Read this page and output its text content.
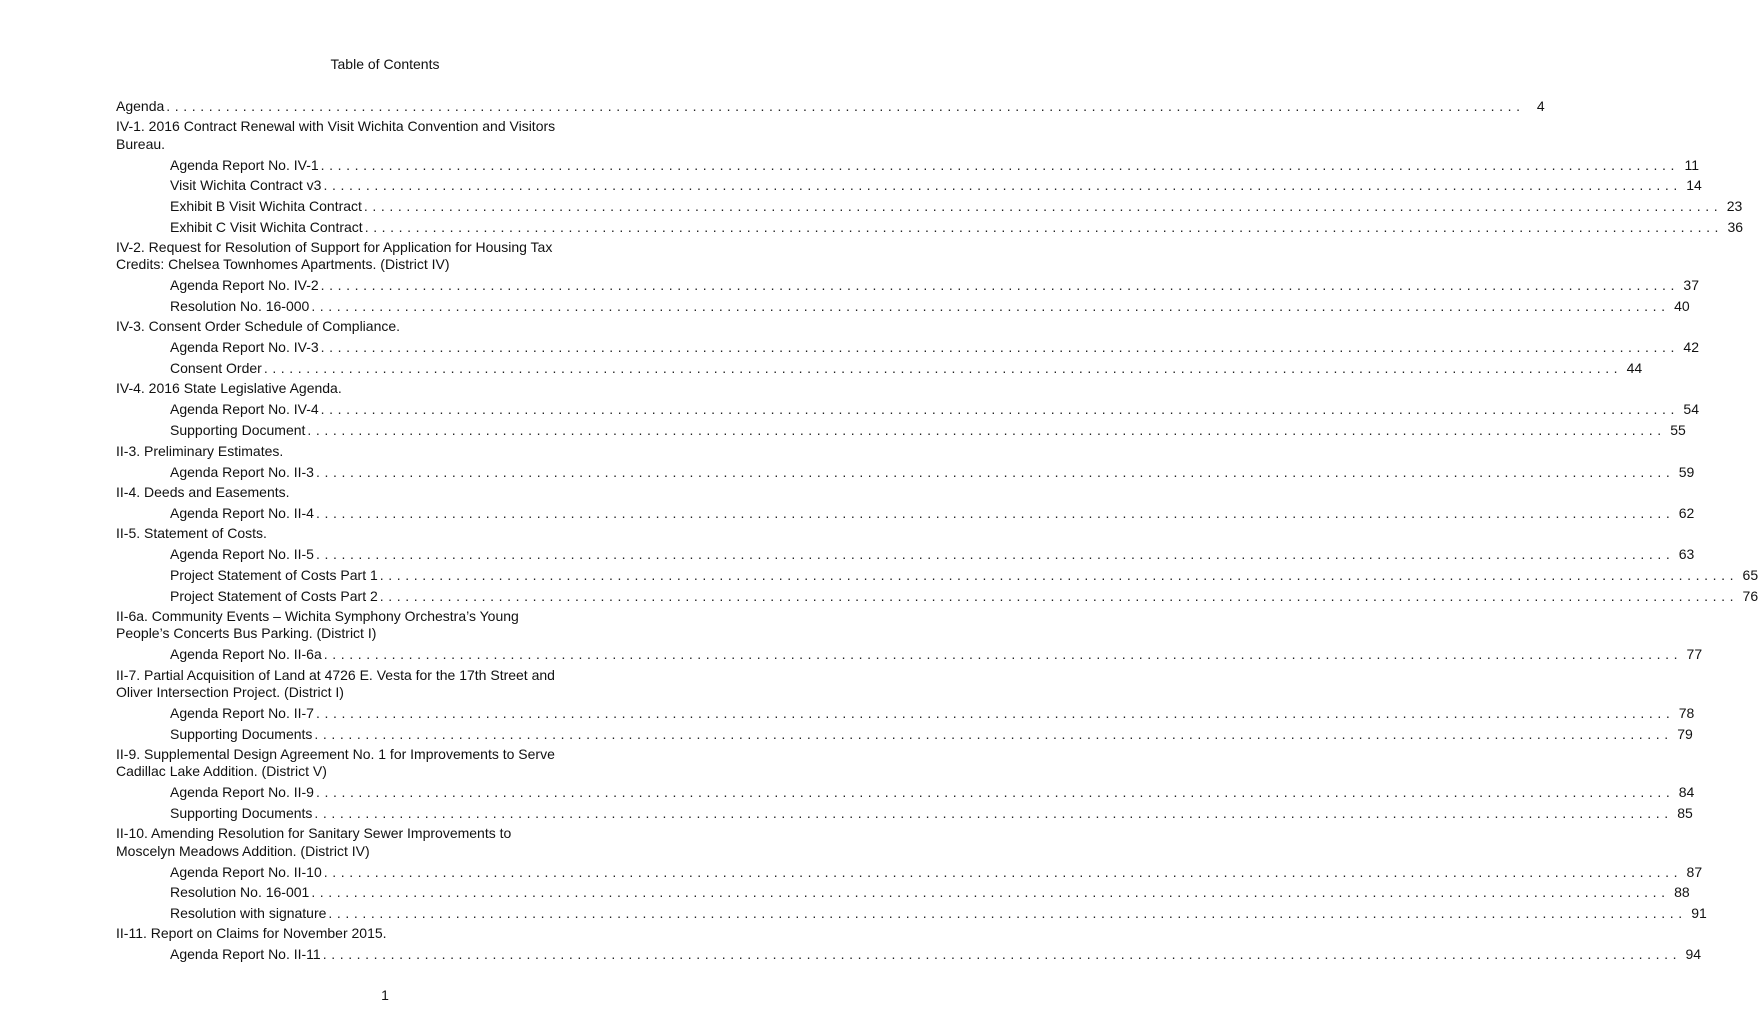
Table of Contents
Agenda ................................................................................................................................................................ 4
IV-1. 2016 Contract Renewal with Visit Wichita Convention and Visitors Bureau.
Agenda Report No. IV-1 ................................................................................................................................................................ 11
Visit Wichita Contract v3 ................................................................................................................................................................ 14
Exhibit B Visit Wichita Contract ................................................................................................................................................................ 23
Exhibit C Visit Wichita Contract ................................................................................................................................................................ 36
IV-2. Request for Resolution of Support for Application for Housing Tax Credits: Chelsea Townhomes Apartments. (District IV)
Agenda Report No. IV-2 ................................................................................................................................................................ 37
Resolution No. 16-000 ................................................................................................................................................................ 40
IV-3. Consent Order Schedule of Compliance.
Agenda Report No. IV-3 ................................................................................................................................................................ 42
Consent Order ................................................................................................................................................................ 44
IV-4. 2016 State Legislative Agenda.
Agenda Report No. IV-4 ................................................................................................................................................................ 54
Supporting Document ................................................................................................................................................................ 55
II-3. Preliminary Estimates.
Agenda Report No. II-3 ................................................................................................................................................................ 59
II-4. Deeds and Easements.
Agenda Report No. II-4 ................................................................................................................................................................ 62
II-5. Statement of Costs.
Agenda Report No. II-5 ................................................................................................................................................................ 63
Project Statement of Costs Part 1 ................................................................................................................................................................ 65
Project Statement of Costs Part 2 ................................................................................................................................................................ 76
II-6a. Community Events – Wichita Symphony Orchestra’s Young People’s Concerts Bus Parking. (District I)
Agenda Report No. II-6a ................................................................................................................................................................ 77
II-7. Partial Acquisition of Land at 4726 E. Vesta for the 17th Street and Oliver Intersection Project. (District I)
Agenda Report No. II-7 ................................................................................................................................................................ 78
Supporting Documents ................................................................................................................................................................ 79
II-9. Supplemental Design Agreement No. 1 for Improvements to Serve Cadillac Lake Addition. (District V)
Agenda Report No. II-9 ................................................................................................................................................................ 84
Supporting Documents ................................................................................................................................................................ 85
II-10. Amending Resolution for Sanitary Sewer Improvements to Moscelyn Meadows Addition. (District IV)
Agenda Report No. II-10 ................................................................................................................................................................ 87
Resolution No. 16-001 ................................................................................................................................................................ 88
Resolution with signature ................................................................................................................................................................ 91
II-11. Report on Claims for November 2015.
Agenda Report No. II-11 ................................................................................................................................................................ 94
1
